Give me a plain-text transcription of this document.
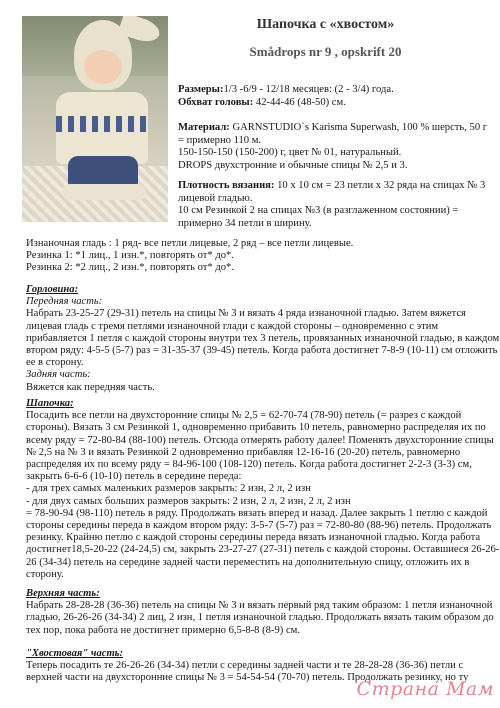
Шапочка с «хвостом»
Smådrops nr 9 , opskrift 20
Размеры:1/3 -6/9 - 12/18 месяцев: (2 - 3/4) года.
Обхват головы: 42-44-46 (48-50) см.
Материал: GARNSTUDIO`s Karisma Superwash, 100 % шерсть, 50 г
= примерно 110 м.
150-150-150 (150-200) г, цвет № 01, натуральный.
DROPS двухстронние и обычные спицы № 2,5 и 3.
Плотность вязания: 10 х 10 см = 23 петли х 32 ряда на спицах № 3
лицевой гладью.
10 см Резинкой 2 на спицах №3 (в разглаженном состоянии) =
примерно 34 петли в ширину.
Изнаночная гладь : 1 ряд- все петли лицевые, 2 ряд – все петли лицевые.
Резинка 1: *1 лиц., 1 изн.*, повторять от* до*.
Резинка 2: *2 лиц., 2 изн.*, повторять от* до*.
Горловина:
Передняя часть:
Набрать 23-25-27 (29-31) петель на спицы № 3 и вязать 4 ряда изнаночной гладью. Затем вяжется
лицевая гладь с тремя петлями изнаночной глади с каждой стороны – одновременно с этим
прибавляется 1 петля с каждой стороны внутри тех 3 петель, провязанных изнаночной гладью, в каждом
втором ряду: 4-5-5 (5-7) раз = 31-35-37 (39-45) петель. Когда работа достигнет 7-8-9 (10-11) см отложить
ее в сторону.
Задняя часть:
Вяжется как передняя часть.
Шапочка:
Посадить все петли на двухсторонние спицы № 2,5 = 62-70-74 (78-90) петель (= разрез с каждой
стороны). Вязать 3 см Резинкой 1, одновременно прибавить 10 петель, равномерно распределяя их по
всему ряду = 72-80-84 (88-100) петель. Отсюда отмерять работу далее! Поменять двухсторонние спицы
№ 2,5 на № 3 и вязать Резинкой 2 одновременно прибавляя 12-16-16 (20-20) петель, равномерно
распределяя их по всему ряду = 84-96-100 (108-120) петель. Когда работа достигнет 2-2-3 (3-3) см,
закрыть 6-6-6 (10-10) петель в середине переда:
- для трех самых маленьких размеров закрыть: 2 изн, 2 л, 2 изн
- для двух самых больших размеров закрыть: 2 изн, 2 л, 2 изн, 2 л, 2 изн
= 78-90-94 (98-110) петель в ряду. Продолжать вязать вперед и назад. Далее закрыть 1 петлю с каждой
стороны середины переда в каждом втором ряду: 3-5-7 (5-7) раз = 72-80-80 (88-96) петель. Продолжать
резинку. Крайню петлю с каждой стороны середины переда вязать изнаночной гладью. Когда работа
достигнет18,5-20-22 (24-24,5) см, закрыть 23-27-27 (27-31) петель с каждой стороны. Оставшиеся 26-26-
26 (34-34) петель на середине задней части переместить на дополнительную спицу, отложить их в
сторону.
Верхняя часть:
Набрать 28-28-28 (36-36) петель на спицы № 3 и вязать первый ряд таким образом: 1 петля изнаночной
гладью, 26-26-26 (34-34) 2 лиц, 2 изн, 1 петля изнаночной гладью. Продолжать вязать таким образом до
тех пор, пока работа не достигнет примерно 6,5-8-8 (8-9) см.
"Хвостовая" часть:
Теперь посадить те 26-26-26 (34-34) петли с середины задней части и те 28-28-28 (36-36) петли с
верхней части на двухсторонние спицы № 3 = 54-54-54 (70-70) петель. Продолжать резинку, но ту
Страна Мам
